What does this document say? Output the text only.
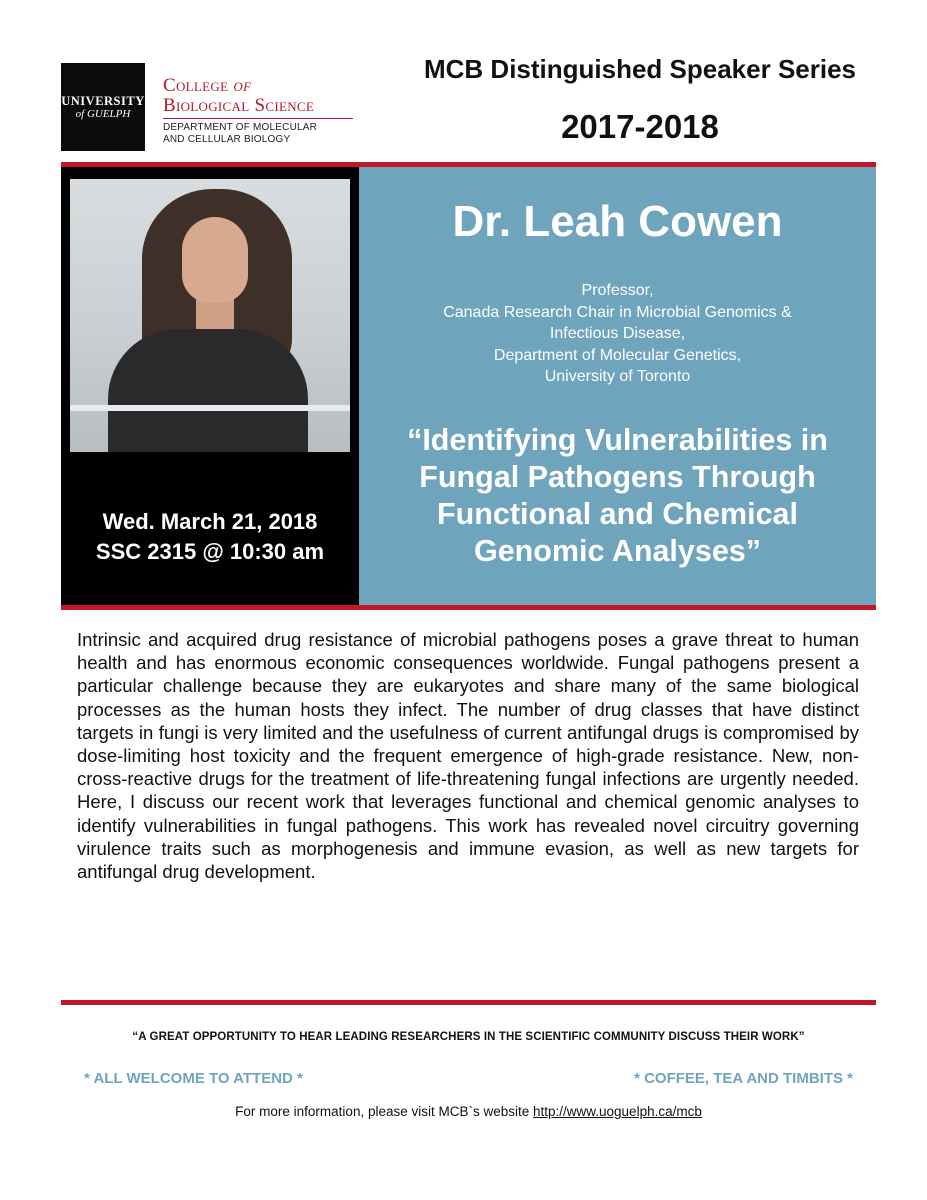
UNIVERSITY
of GUELPH
College of
Biological Science
DEPARTMENT OF MOLECULAR
AND CELLULAR BIOLOGY
MCB Distinguished Speaker Series
2017-2018
Wed. March 21, 2018
SSC 2315 @ 10:30 am
Dr. Leah Cowen
Professor,
Canada Research Chair in Microbial Genomics &
Infectious Disease,
Department of Molecular Genetics,
University of Toronto
“Identifying Vulnerabilities in
Fungal Pathogens Through
Functional and Chemical
Genomic Analyses”
Intrinsic and acquired drug resistance of microbial pathogens poses a grave threat to human health and has enormous economic consequences worldwide. Fungal pathogens present a particular challenge because they are eukaryotes and share many of the same biological processes as the human hosts they infect. The number of drug classes that have distinct targets in fungi is very limited and the usefulness of current antifungal drugs is compromised by dose-limiting host toxicity and the frequent emergence of high-grade resistance. New, non-cross-reactive drugs for the treatment of life-threatening fungal infections are urgently needed. Here, I discuss our recent work that leverages functional and chemical genomic analyses to identify vulnerabilities in fungal pathogens. This work has revealed novel circuitry governing virulence traits such as morphogenesis and immune evasion, as well as new targets for antifungal drug development.
“A GREAT OPPORTUNITY TO HEAR LEADING RESEARCHERS IN THE SCIENTIFIC COMMUNITY DISCUSS THEIR WORK”
* ALL WELCOME TO ATTEND *	* COFFEE, TEA AND TIMBITS *
For more information, please visit MCB`s website http://www.uoguelph.ca/mcb
